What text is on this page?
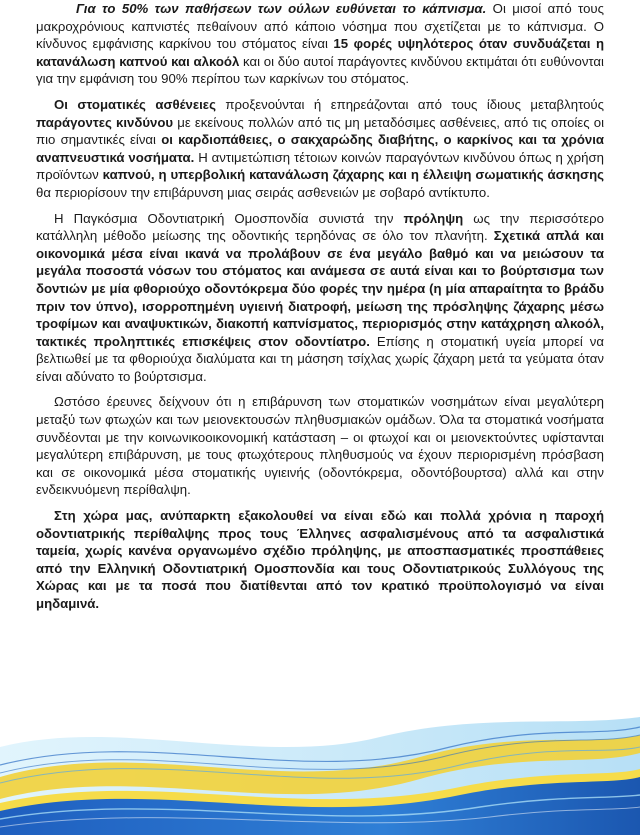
Για το 50% των παθήσεων των ούλων ευθύνεται το κάπνισμα. Οι μισοί από τους μακροχρόνιους καπνιστές πεθαίνουν από κάποιο νόσημα που σχετίζεται με το κάπνισμα. Ο κίνδυνος εμφάνισης καρκίνου του στόματος είναι 15 φορές υψηλότερος όταν συνδυάζεται η κατανάλωση καπνού και αλκοόλ και οι δύο αυτοί παράγοντες κινδύνου εκτιμάται ότι ευθύνονται για την εμφάνιση του 90% περίπου των καρκίνων του στόματος.

Οι στοματικές ασθένειες προξενούνται ή επηρεάζονται από τους ίδιους μεταβλητούς παράγοντες κινδύνου με εκείνους πολλών από τις μη μεταδόσιμες ασθένειες, από τις οποίες οι πιο σημαντικές είναι οι καρδιοπάθειες, ο σακχαρώδης διαβήτης, ο καρκίνος και τα χρόνια αναπνευστικά νοσήματα. Η αντιμετώπιση τέτοιων κοινών παραγόντων κινδύνου όπως η χρήση προϊόντων καπνού, η υπερβολική κατανάλωση ζάχαρης και η έλλειψη σωματικής άσκησης θα περιορίσουν την επιβάρυνση μιας σειράς ασθενειών με σοβαρό αντίκτυπο.

Η Παγκόσμια Οδοντιατρική Ομοσπονδία συνιστά την πρόληψη ως την περισσότερο κατάλληλη μέθοδο μείωσης της οδοντικής τερηδόνας σε όλο τον πλανήτη. Σχετικά απλά και οικονομικά μέσα είναι ικανά να προλάβουν σε ένα μεγάλο βαθμό και να μειώσουν τα μεγάλα ποσοστά νόσων του στόματος και ανάμεσα σε αυτά είναι και το βούρτσισμα των δοντιών με μία φθοριούχο οδοντόκρεμα δύο φορές την ημέρα (η μία απαραίτητα το βράδυ πριν τον ύπνο), ισορροπημένη υγιεινή διατροφή, μείωση της πρόσληψης ζάχαρης μέσω τροφίμων και αναψυκτικών, διακοπή καπνίσματος, περιορισμός στην κατάχρηση αλκοόλ, τακτικές προληπτικές επισκέψεις στον οδοντίατρο. Επίσης η στοματική υγεία μπορεί να βελτιωθεί με τα φθοριούχα διαλύματα και τη μάσηση τσίχλας χωρίς ζάχαρη μετά τα γεύματα όταν είναι αδύνατο το βούρτσισμα.

Ωστόσο έρευνες δείχνουν ότι η επιβάρυνση των στοματικών νοσημάτων είναι μεγαλύτερη μεταξύ των φτωχών και των μειονεκτουσών πληθυσμιακών ομάδων. Όλα τα στοματικά νοσήματα συνδέονται με την κοινωνικοοικονομική κατάσταση – οι φτωχοί και οι μειονεκτούντες υφίστανται μεγαλύτερη επιβάρυνση, με τους φτωχότερους πληθυσμούς να έχουν περιορισμένη πρόσβαση και σε οικονομικά μέσα στοματικής υγιεινής (οδοντόκρεμα, οδοντόβουρτσα) αλλά και στην ενδεικνυόμενη περίθαλψη.

Στη χώρα μας, ανύπαρκτη εξακολουθεί να είναι εδώ και πολλά χρόνια η παροχή οδοντιατρικής περίθαλψης προς τους Έλληνες ασφαλισμένους από τα ασφαλιστικά ταμεία, χωρίς κανένα οργανωμένο σχέδιο πρόληψης, με αποσπασματικές προσπάθειες από την Ελληνική Οδοντιατρική Ομοσπονδία και τους Οδοντιατρικούς Συλλόγους της Χώρας και με τα ποσά που διατίθενται από τον κρατικό προϋπολογισμό να είναι μηδαμινά.
